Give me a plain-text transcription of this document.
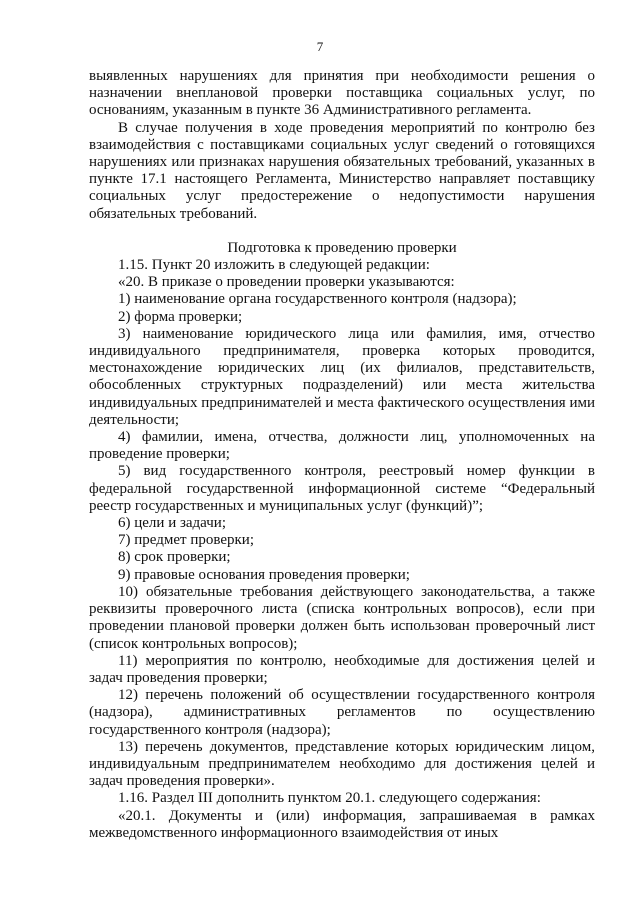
7

выявленных нарушениях для принятия при необходимости решения о назначении внеплановой проверки поставщика социальных услуг, по основаниям, указанным в пункте 36 Административного регламента.

В случае получения в ходе проведения мероприятий по контролю без взаимодействия с поставщиками социальных услуг сведений о готовящихся нарушениях или признаках нарушения обязательных требований, указанных в пункте 17.1 настоящего Регламента, Министерство направляет поставщику социальных услуг предостережение о недопустимости нарушения обязательных требований.

Подготовка к проведению проверки

1.15. Пункт 20 изложить в следующей редакции:

«20. В приказе о проведении проверки указываются:

1) наименование органа государственного контроля (надзора);

2) форма проверки;

3) наименование юридического лица или фамилия, имя, отчество индивидуального предпринимателя, проверка которых проводится, местонахождение юридических лиц (их филиалов, представительств, обособленных структурных подразделений) или места жительства индивидуальных предпринимателей и места фактического осуществления ими деятельности;

4) фамилии, имена, отчества, должности лиц, уполномоченных на проведение проверки;

5) вид государственного контроля, реестровый номер функции в федеральной государственной информационной системе “Федеральный реестр государственных и муниципальных услуг (функций)”;

6) цели и задачи;

7) предмет проверки;

8) срок проверки;

9) правовые основания проведения проверки;

10) обязательные требования действующего законодательства, а также реквизиты проверочного листа (списка контрольных вопросов), если при проведении плановой проверки должен быть использован проверочный лист (список контрольных вопросов);

11) мероприятия по контролю, необходимые для достижения целей и задач проведения проверки;

12) перечень положений об осуществлении государственного контроля (надзора), административных регламентов по осуществлению государственного контроля (надзора);

13) перечень документов, представление которых юридическим лицом, индивидуальным предпринимателем необходимо для достижения целей и задач проведения проверки».

1.16. Раздел III дополнить пунктом 20.1. следующего содержания:

«20.1. Документы и (или) информация, запрашиваемая в рамках межведомственного информационного взаимодействия от иных
